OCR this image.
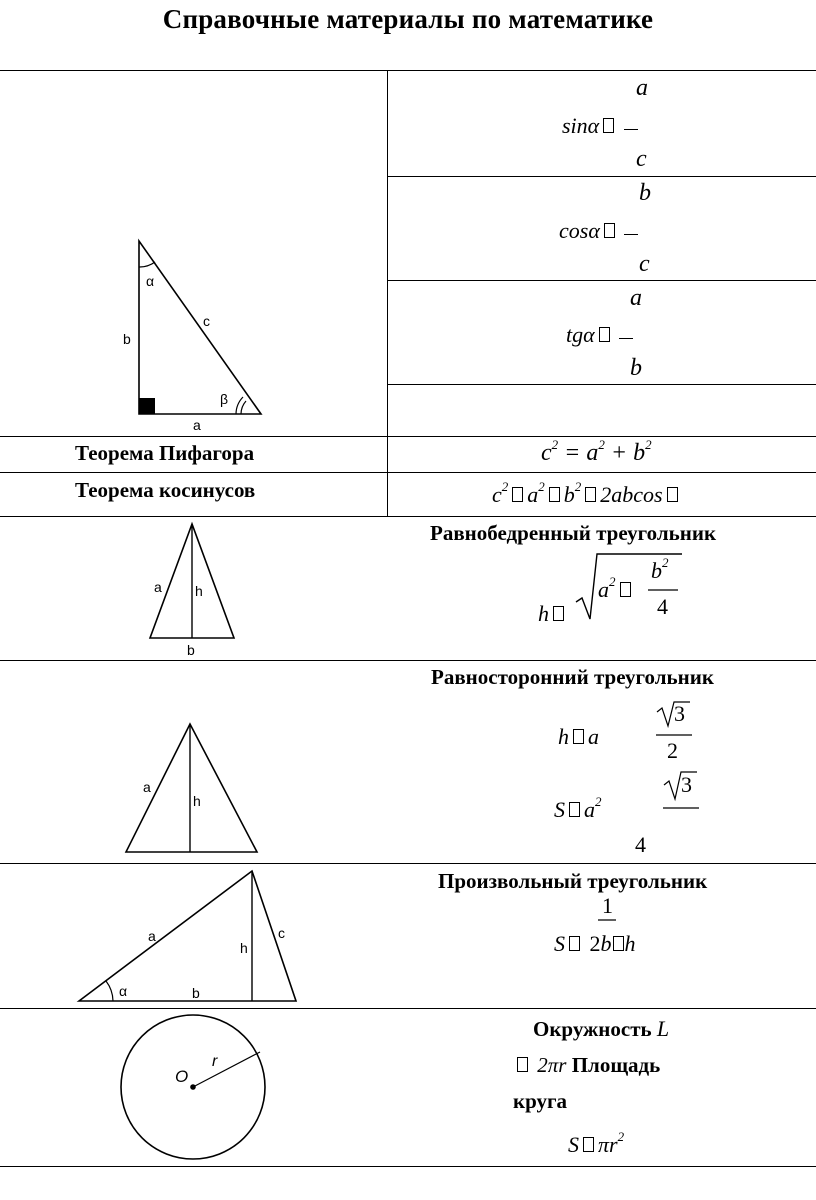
Справочные материалы по математике
a
sinα
c
b
cosα
c
a
tgα
b
α
β
b
c
a
Теорема Пифагора	$c^2 = a^2 + b^2$
Теорема косинусов	$c^2$ $a^2$ $b^2$ 2abcos
Равнобедренный треугольник
h
$a^2$	$b^2$
4
a h
b
Равносторонний треугольник
h a
3
2
3
S $a^2$
4
a
h
Произвольный треугольник
1
S 2b h
a
h
c
b
α
Окружность L
2πr Площадь
круга
S $\pi r^2$
O
r
